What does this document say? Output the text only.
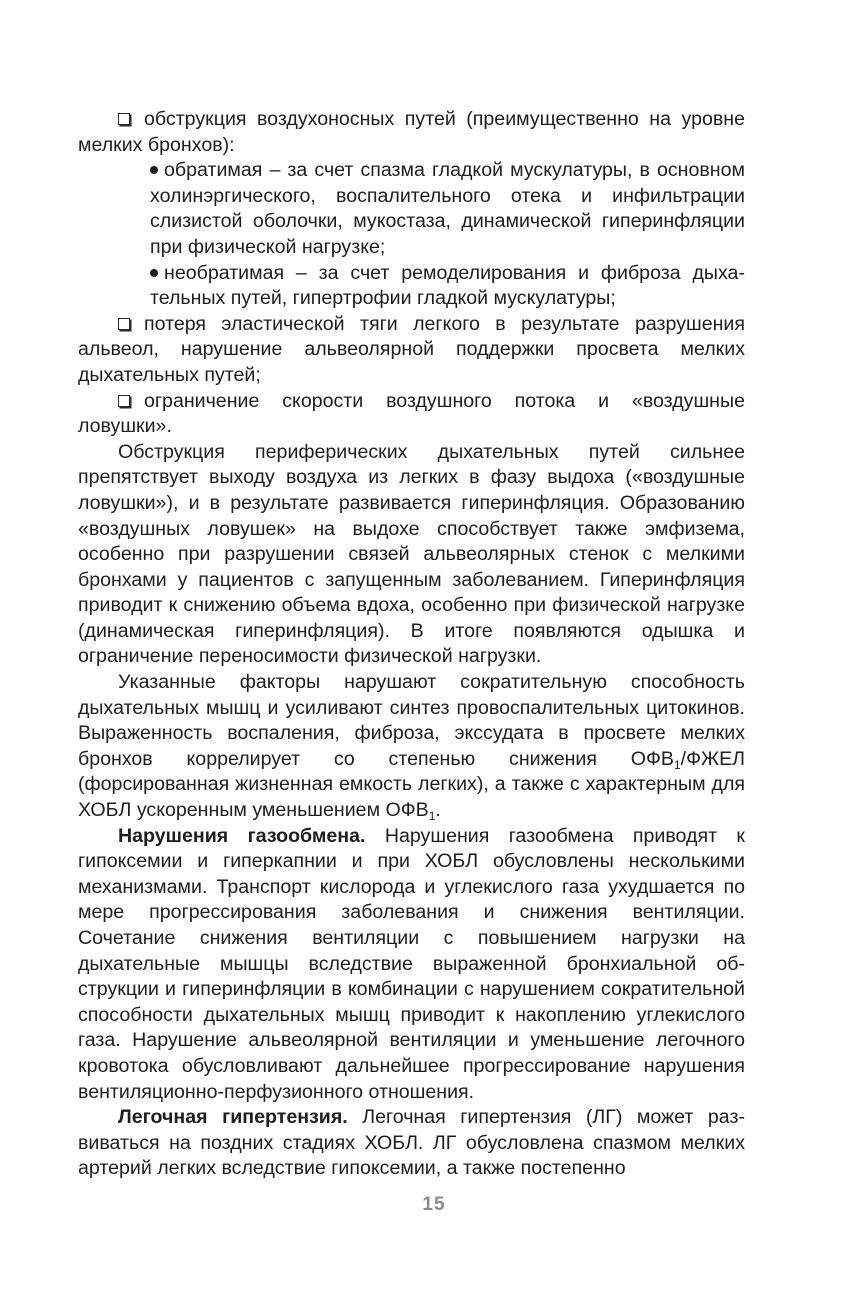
обструкция воздухоносных путей (преимущественно на уровне мелких бронхов):

обратимая – за счет спазма гладкой мускулатуры, в основном холинэргического, воспалительного отека и инфильтрации слизистой оболочки, мукостаза, динамической гиперинфляции при физической нагрузке;

необратимая – за счет ремоделирования и фиброза дыхательных путей, гипертрофии гладкой мускулатуры;

потеря эластической тяги легкого в результате разрушения альвеол, нарушение альвеолярной поддержки просвета мелких дыхательных путей;

ограничение скорости воздушного потока и «воздушные ловушки».

Обструкция периферических дыхательных путей сильнее препятствует выходу воздуха из легких в фазу выдоха («воздушные ловушки»), и в результате развивается гиперинфляция. Образованию «воздушных ловушек» на выдохе способствует также эмфизема, особенно при разрушении связей альвеолярных стенок с мелкими бронхами у пациентов с запущенным заболеванием. Гиперинфляция приводит к снижению объема вдоха, особенно при физической нагрузке (динамическая гиперинфляция). В итоге появляются одышка и ограничение переносимости физической нагрузки.

Указанные факторы нарушают сократительную способность дыхательных мышц и усиливают синтез провоспалительных цитокинов. Выраженность воспаления, фиброза, экссудата в просвете мелких бронхов коррелирует со степенью снижения $ОФВ_1$/ФЖЕЛ (форсированная жизненная емкость легких), а также с характерным для ХОБЛ ускоренным уменьшением $ОФВ_1$.

Нарушения газообмена. Нарушения газообмена приводят к гипоксемии и гиперкапнии и при ХОБЛ обусловлены несколькими механизмами. Транспорт кислорода и углекислого газа ухудшается по мере прогрессирования заболевания и снижения вентиляции. Сочетание снижения вентиляции с повышением нагрузки на дыхательные мышцы вследствие выраженной бронхиальной обструкции и гиперинфляции в комбинации с нарушением сократительной способности дыхательных мышц приводит к накоплению углекислого газа. Нарушение альвеолярной вентиляции и уменьшение легочного кровотока обусловливают дальнейшее прогрессирование нарушения вентиляционно-перфузионного отношения.

Легочная гипертензия. Легочная гипертензия (ЛГ) может развиваться на поздних стадиях ХОБЛ. ЛГ обусловлена спазмом мелких артерий легких вследствие гипоксемии, а также постепенно

15
